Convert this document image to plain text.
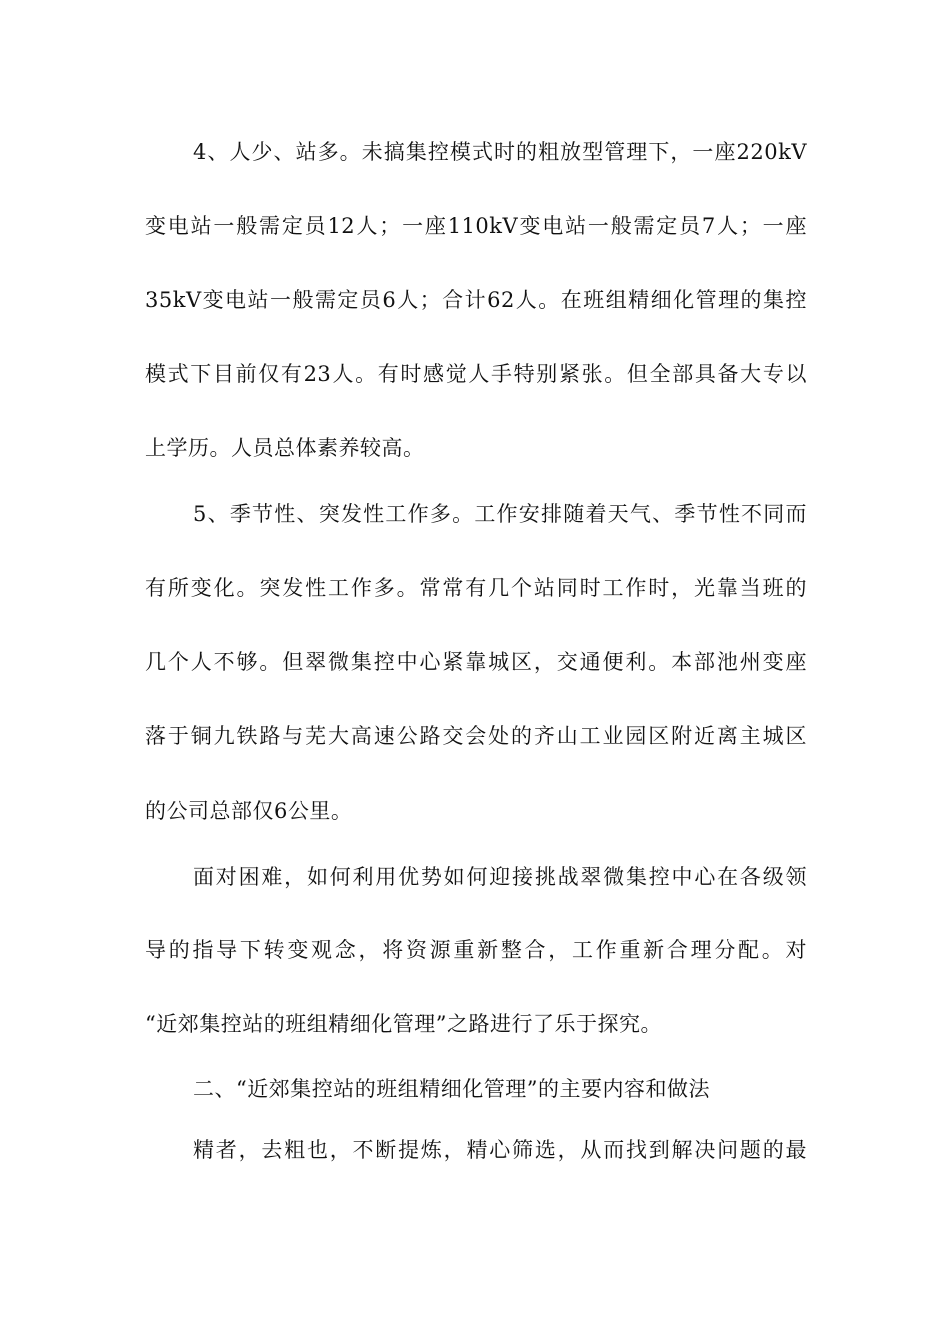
4、人少、站多。未搞集控模式时的粗放型管理下，一座220kV
变电站一般需定员12人；一座110kV变电站一般需定员7人；一座
35kV变电站一般需定员6人；合计62人。在班组精细化管理的集控
模式下目前仅有23人。有时感觉人手特别紧张。但全部具备大专以
上学历。人员总体素养较高。
5、季节性、突发性工作多。工作安排随着天气、季节性不同而
有所变化。突发性工作多。常常有几个站同时工作时，光靠当班的
几个人不够。但翠微集控中心紧靠城区，交通便利。本部池州变座
落于铜九铁路与芜大高速公路交会处的齐山工业园区附近离主城区
的公司总部仅6公里。
面对困难，如何利用优势如何迎接挑战翠微集控中心在各级领
导的指导下转变观念，将资源重新整合，工作重新合理分配。对
“近郊集控站的班组精细化管理”之路进行了乐于探究。
二、“近郊集控站的班组精细化管理”的主要内容和做法
精者，去粗也，不断提炼，精心筛选，从而找到解决问题的最
